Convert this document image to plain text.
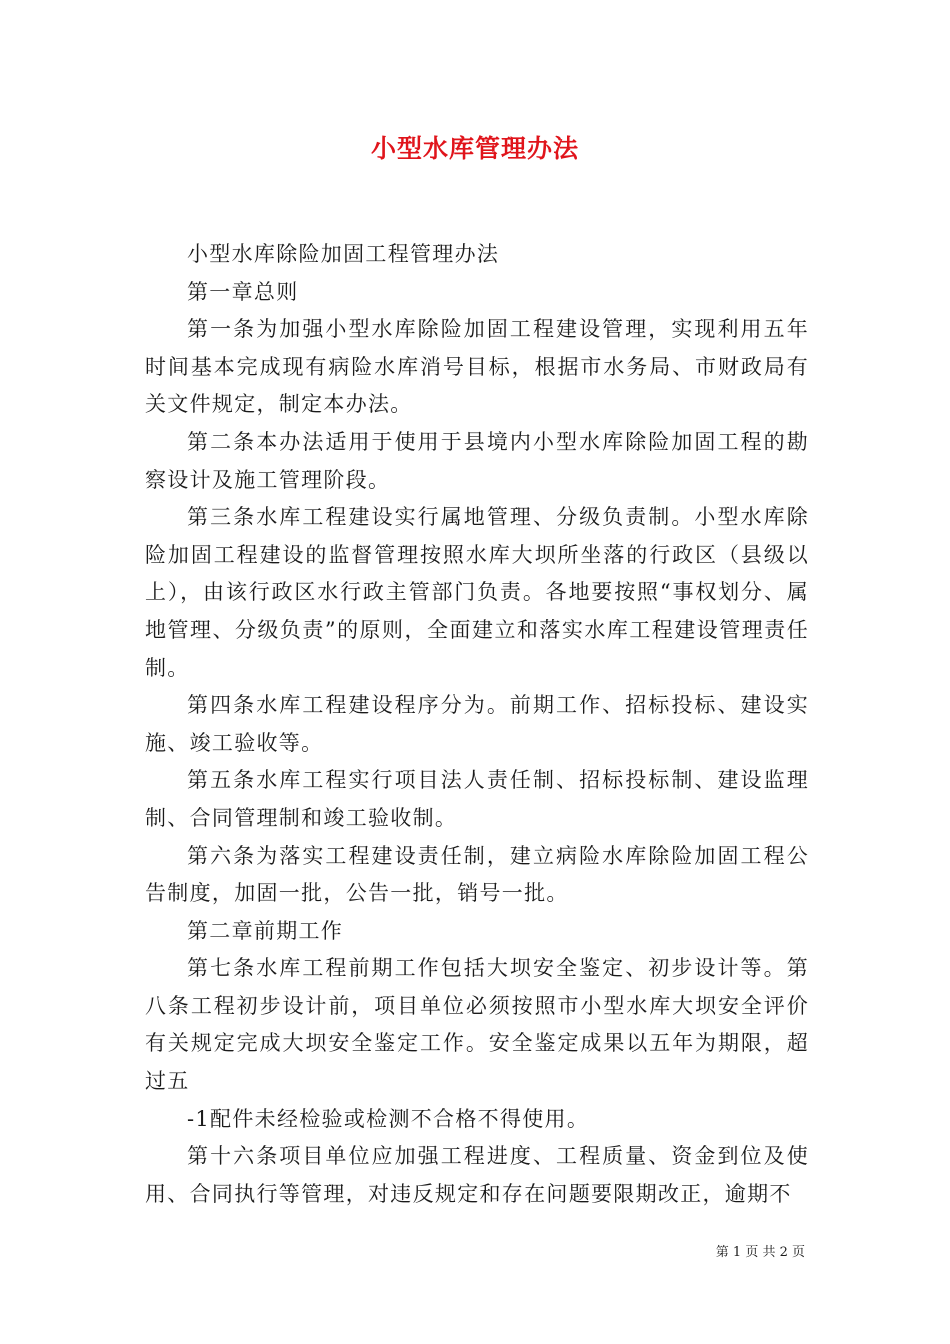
小型水库管理办法

小型水库除险加固工程管理办法

第一章总则

第一条为加强小型水库除险加固工程建设管理，实现利用五年时间基本完成现有病险水库消号目标，根据市水务局、市财政局有关文件规定，制定本办法。

第二条本办法适用于使用于县境内小型水库除险加固工程的勘察设计及施工管理阶段。

第三条水库工程建设实行属地管理、分级负责制。小型水库除险加固工程建设的监督管理按照水库大坝所坐落的行政区（县级以上），由该行政区水行政主管部门负责。各地要按照“事权划分、属地管理、分级负责”的原则，全面建立和落实水库工程建设管理责任制。

第四条水库工程建设程序分为。前期工作、招标投标、建设实施、竣工验收等。

第五条水库工程实行项目法人责任制、招标投标制、建设监理制、合同管理制和竣工验收制。

第六条为落实工程建设责任制，建立病险水库除险加固工程公告制度，加固一批，公告一批，销号一批。

第二章前期工作

第七条水库工程前期工作包括大坝安全鉴定、初步设计等。第八条工程初步设计前，项目单位必须按照市小型水库大坝安全评价有关规定完成大坝安全鉴定工作。安全鉴定成果以五年为期限，超过五

-1配件未经检验或检测不合格不得使用。

第十六条项目单位应加强工程进度、工程质量、资金到位及使用、合同执行等管理，对违反规定和存在问题要限期改正，逾期不

第 1 页 共 2 页
